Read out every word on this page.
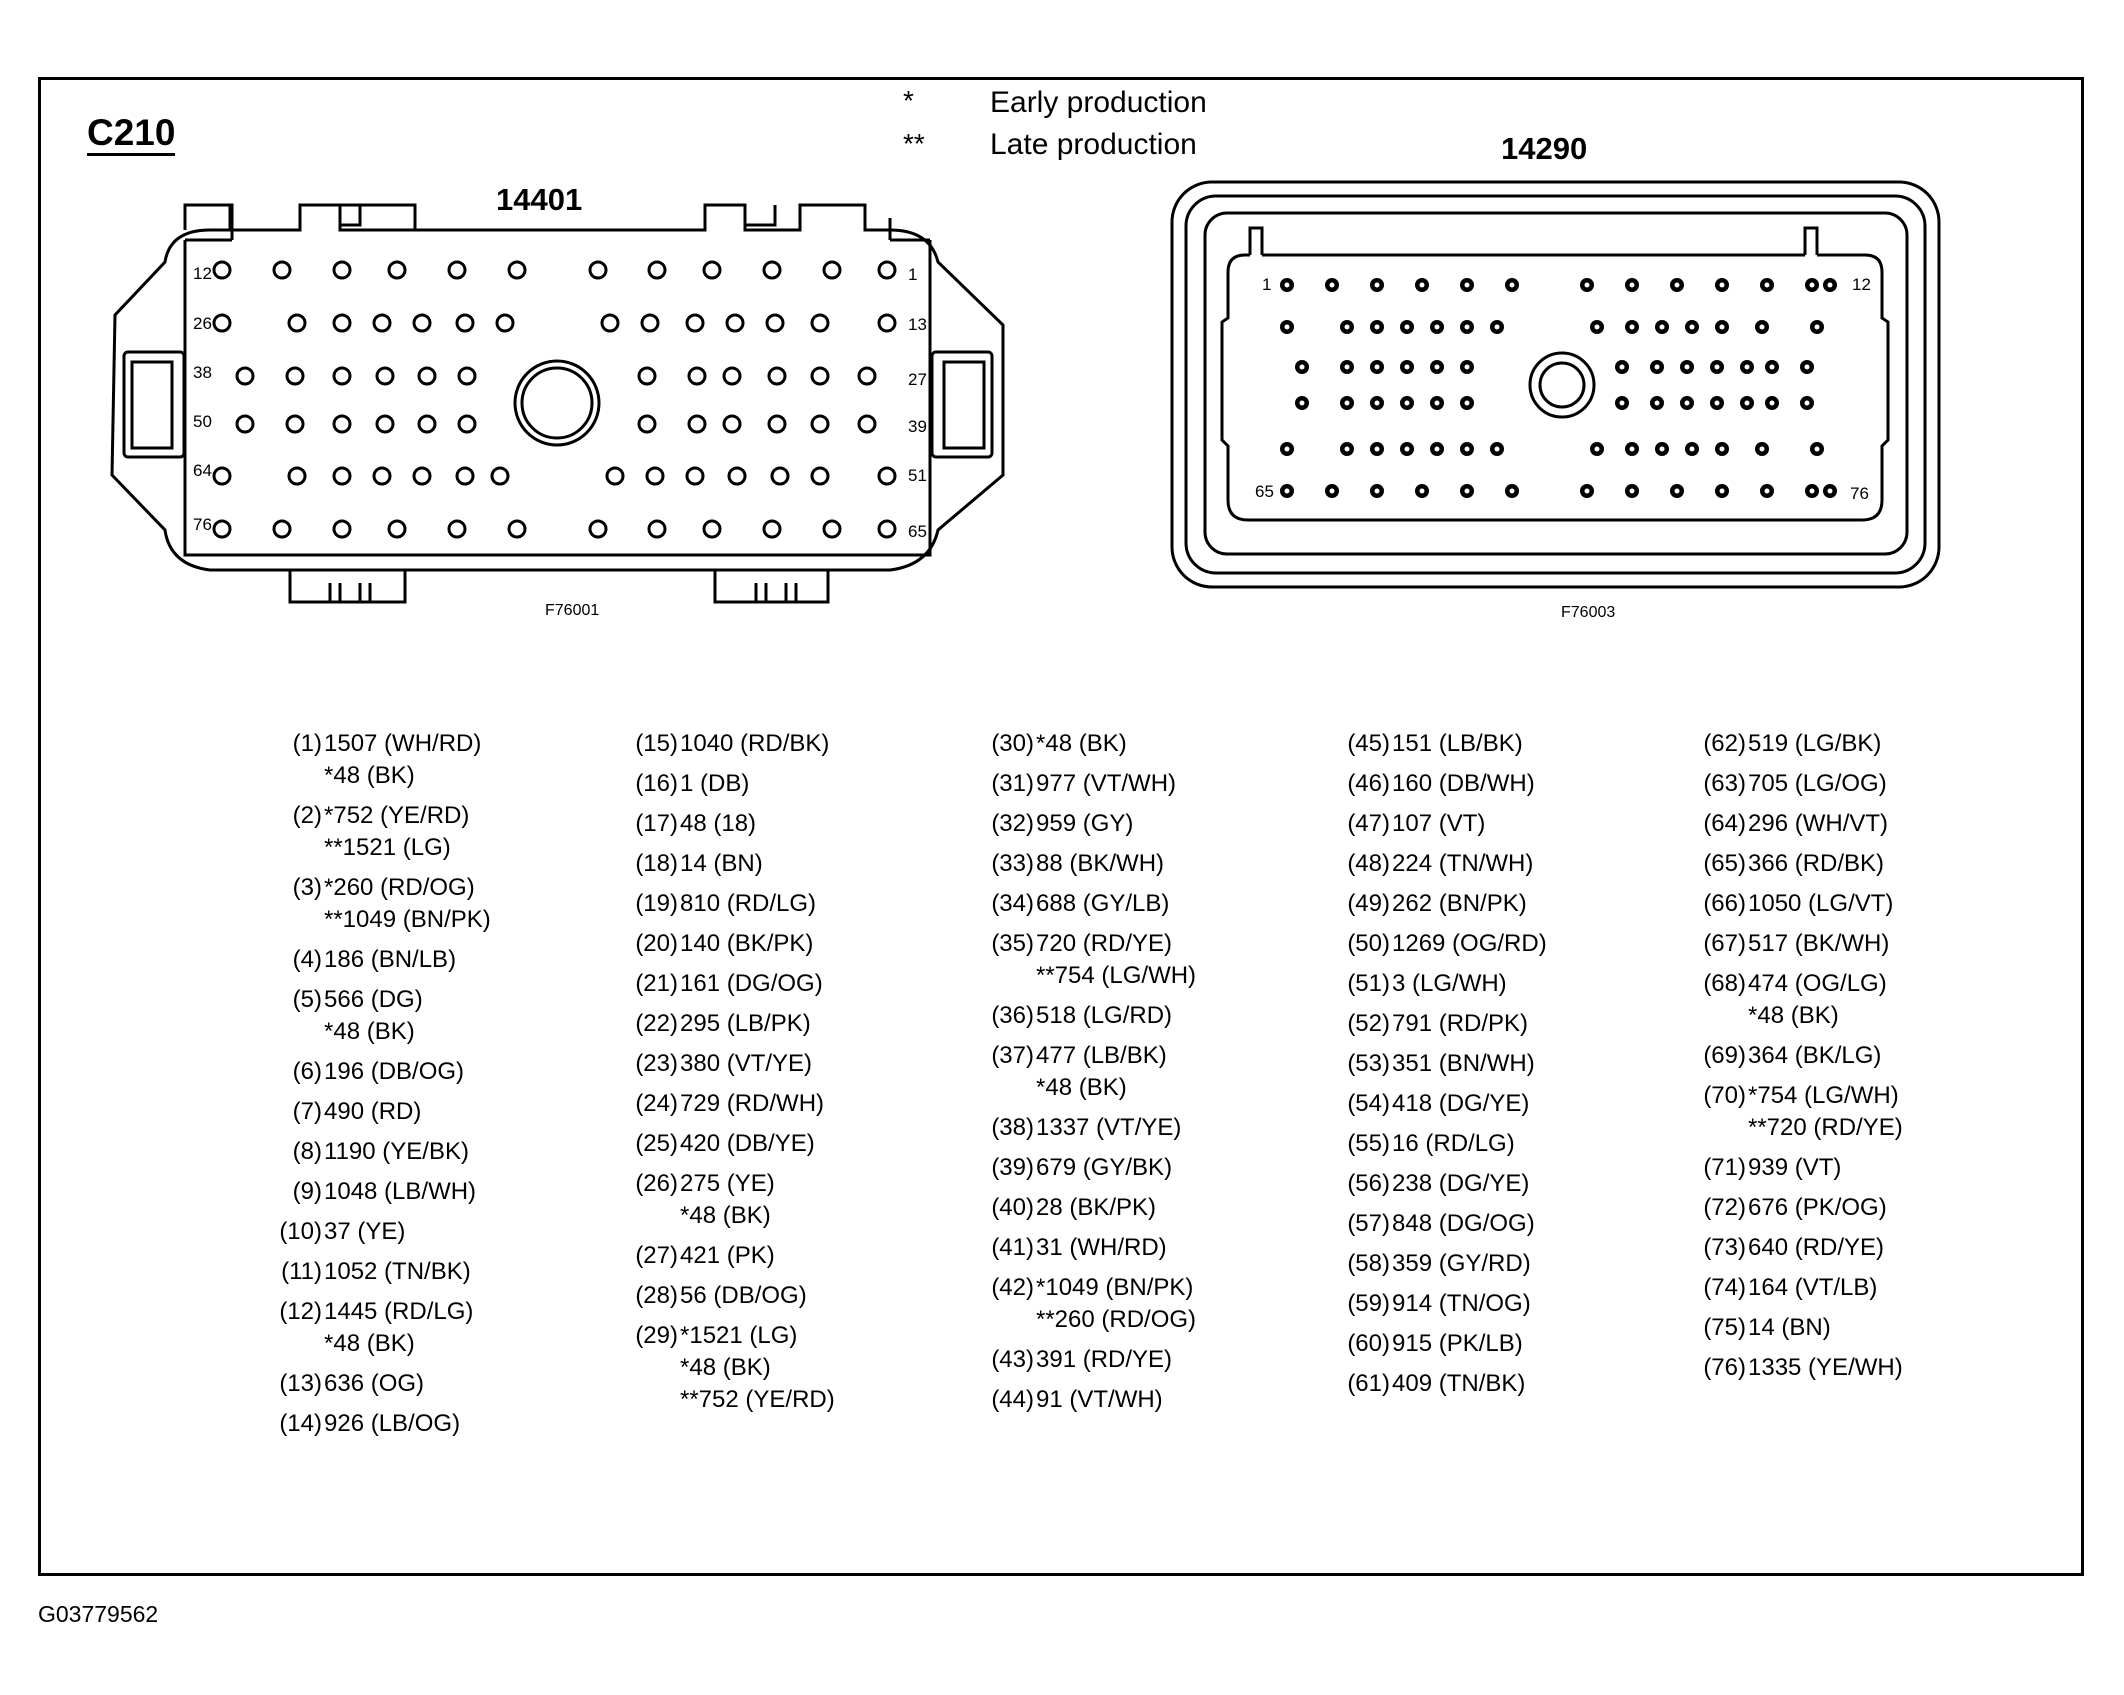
C210
*	Early production
** Late production
14401
14290
12	1
26	13
38	27
50	39
64	51
76	65
1	12
65	76
F76001	F76003
(1) 1507 (WH/RD)
*48 (BK)
(2) *752 (YE/RD)
**1521 (LG)
(3) *260 (RD/OG)
**1049 (BN/PK)
(4) 186 (BN/LB)
(5) 566 (DG)
*48 (BK)
(6) 196 (DB/OG)
(7) 490 (RD)
(8) 1190 (YE/BK)
(9) 1048 (LB/WH)
(10) 37 (YE)
(11) 1052 (TN/BK)
(12) 1445 (RD/LG)
*48 (BK)
(13) 636 (OG)
(14) 926 (LB/OG)
(15) 1040 (RD/BK)
(16) 1 (DB)
(17) 48 (18)
(18) 14 (BN)
(19) 810 (RD/LG)
(20) 140 (BK/PK)
(21) 161 (DG/OG)
(22) 295 (LB/PK)
(23) 380 (VT/YE)
(24) 729 (RD/WH)
(25) 420 (DB/YE)
(26) 275 (YE)
*48 (BK)
(27) 421 (PK)
(28) 56 (DB/OG)
(29) *1521 (LG)
*48 (BK)
**752 (YE/RD)
(30) *48 (BK)
(31) 977 (VT/WH)
(32) 959 (GY)
(33) 88 (BK/WH)
(34) 688 (GY/LB)
(35) 720 (RD/YE)
**754 (LG/WH)
(36) 518 (LG/RD)
(37) 477 (LB/BK)
*48 (BK)
(38) 1337 (VT/YE)
(39) 679 (GY/BK)
(40) 28 (BK/PK)
(41) 31 (WH/RD)
(42) *1049 (BN/PK)
**260 (RD/OG)
(43) 391 (RD/YE)
(44) 91 (VT/WH)
(45) 151 (LB/BK)
(46) 160 (DB/WH)
(47) 107 (VT)
(48) 224 (TN/WH)
(49) 262 (BN/PK)
(50) 1269 (OG/RD)
(51) 3 (LG/WH)
(52) 791 (RD/PK)
(53) 351 (BN/WH)
(54) 418 (DG/YE)
(55) 16 (RD/LG)
(56) 238 (DG/YE)
(57) 848 (DG/OG)
(58) 359 (GY/RD)
(59) 914 (TN/OG)
(60) 915 (PK/LB)
(61) 409 (TN/BK)
(62) 519 (LG/BK)
(63) 705 (LG/OG)
(64) 296 (WH/VT)
(65) 366 (RD/BK)
(66) 1050 (LG/VT)
(67) 517 (BK/WH)
(68) 474 (OG/LG)
*48 (BK)
(69) 364 (BK/LG)
(70) *754 (LG/WH)
**720 (RD/YE)
(71) 939 (VT)
(72) 676 (PK/OG)
(73) 640 (RD/YE)
(74) 164 (VT/LB)
(75) 14 (BN)
(76) 1335 (YE/WH)
G03779562
